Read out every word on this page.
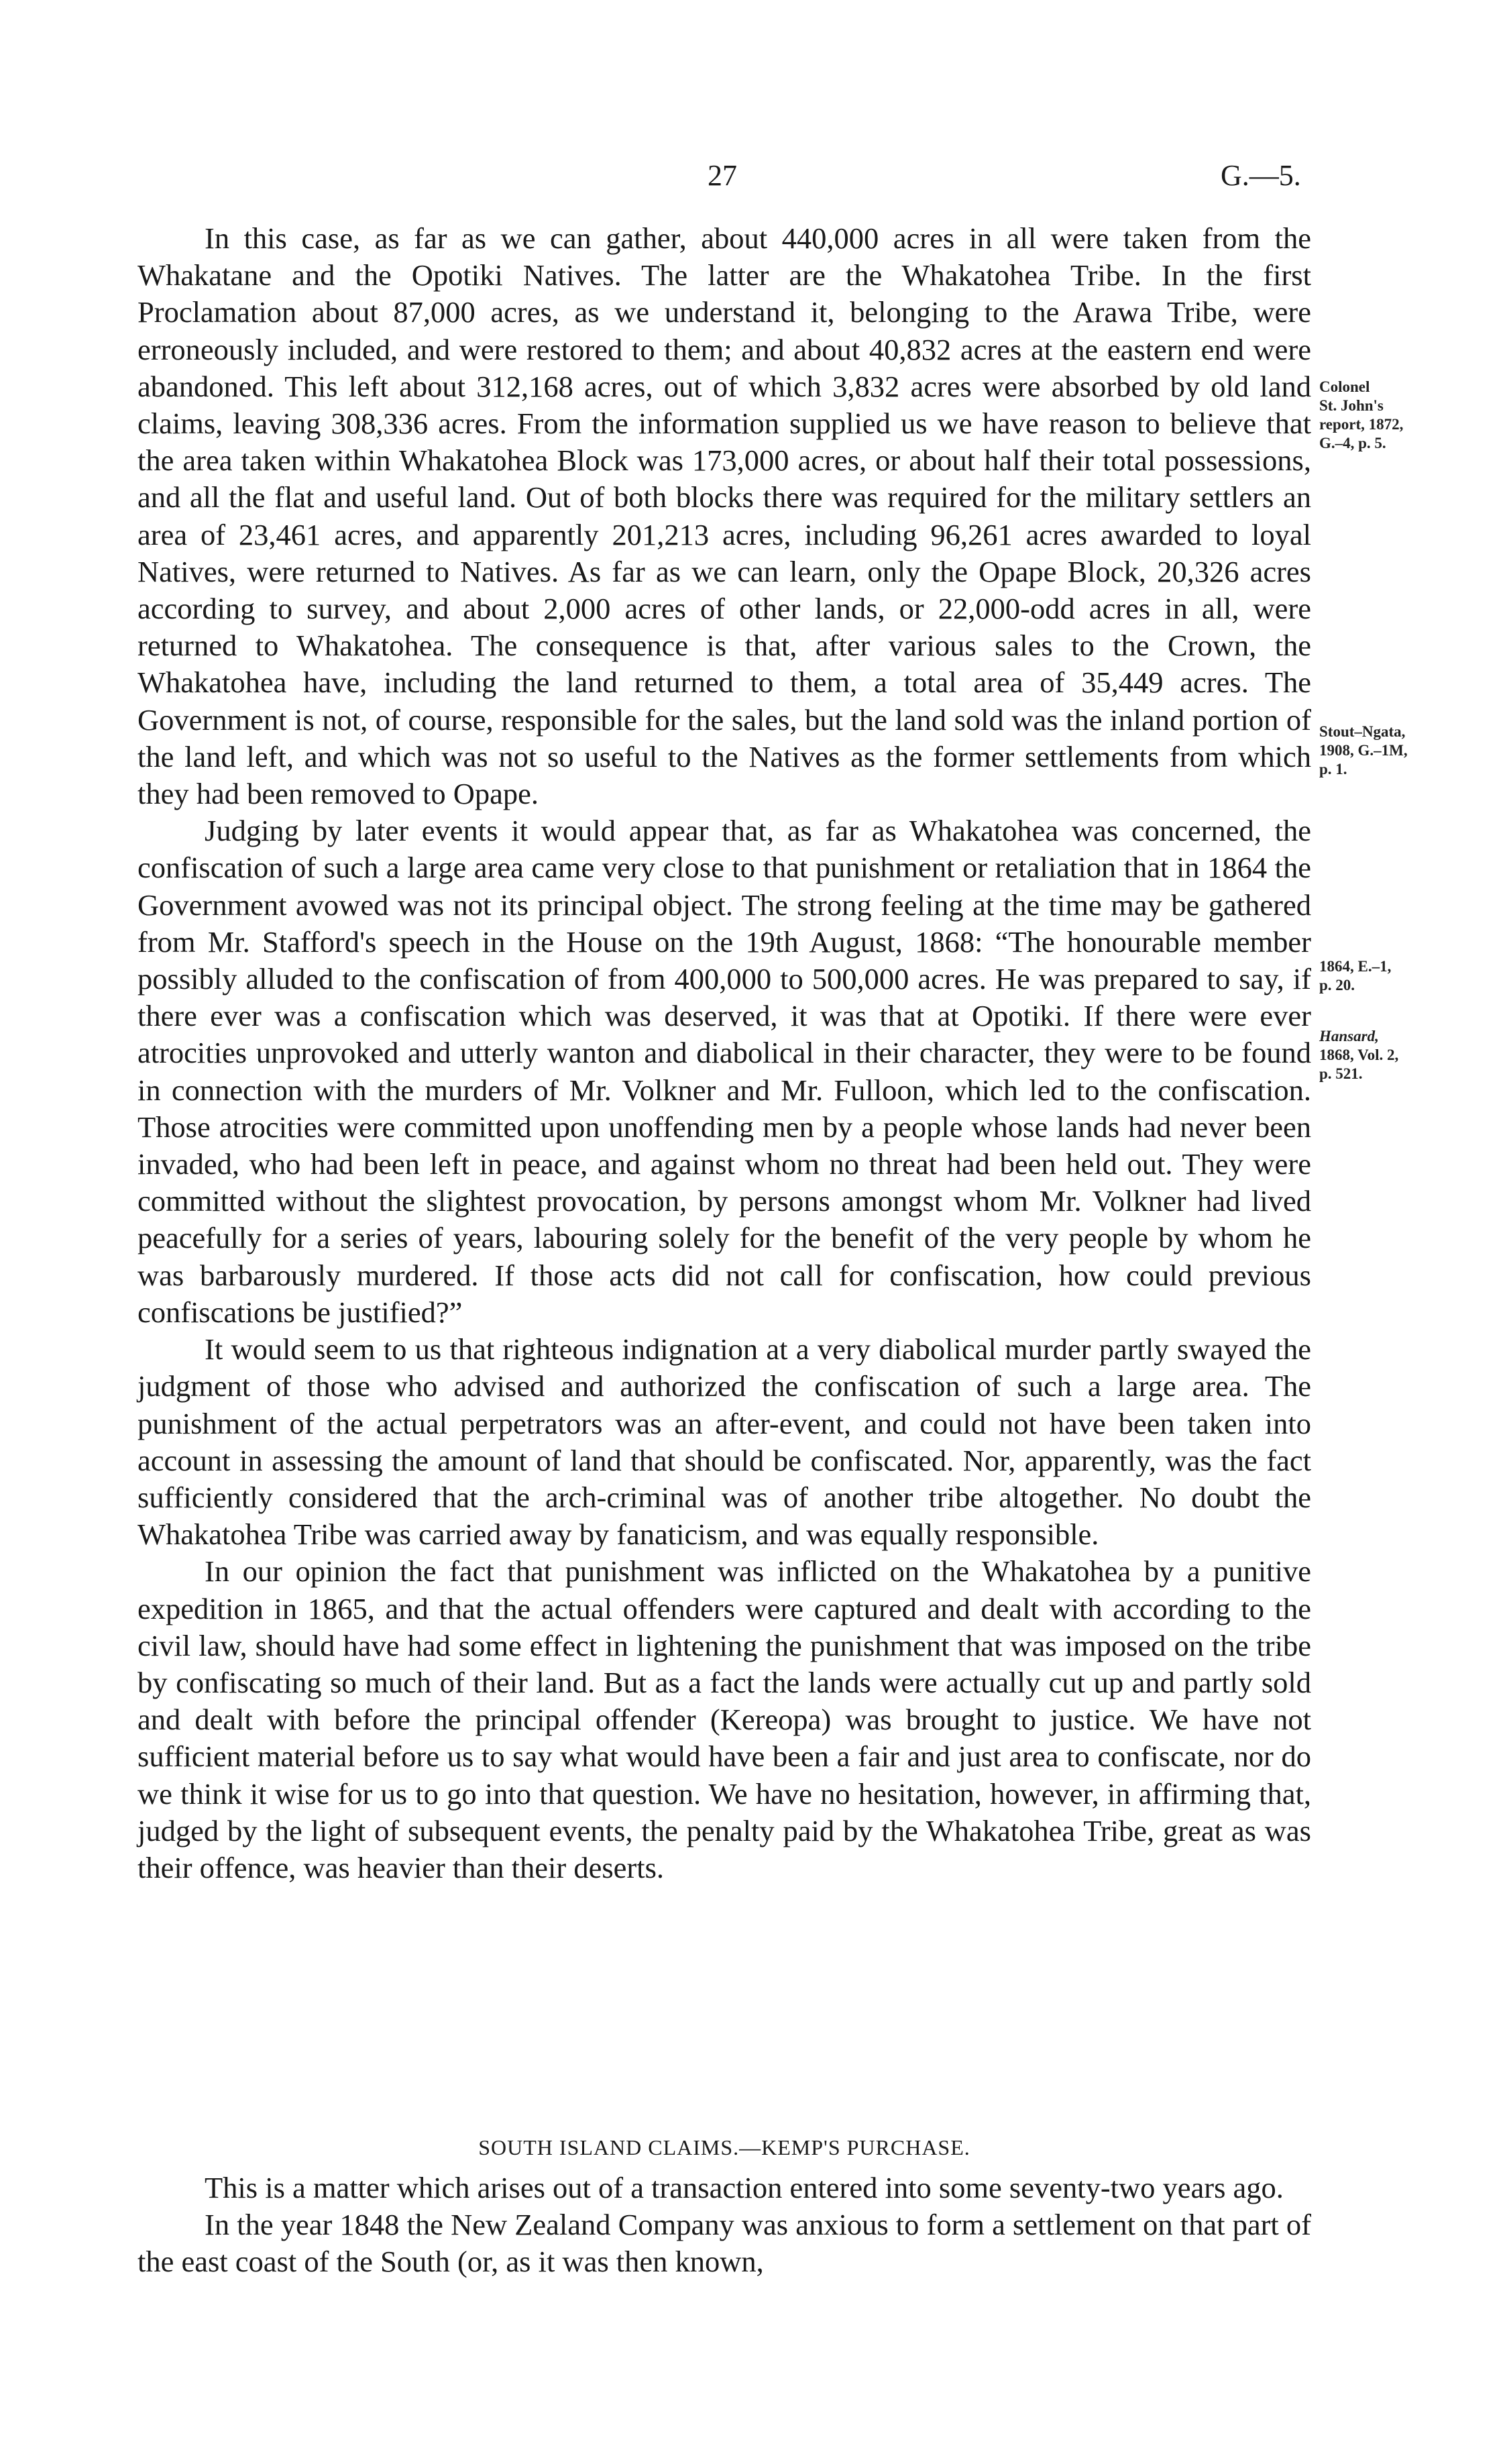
27	G.—5.

In this case, as far as we can gather, about 440,000 acres in all were taken from the Whakatane and the Opotiki Natives. The latter are the Whakatohea Tribe. In the first Proclamation about 87,000 acres, as we understand it, belonging to the Arawa Tribe, were erroneously included, and were restored to them; and about 40,832 acres at the eastern end were abandoned. This left about 312,168 acres, out of which 3,832 acres were absorbed by old land claims, leaving 308,336 acres. From the information supplied us we have reason to believe that the area taken within Whakatohea Block was 173,000 acres, or about half their total possessions, and all the flat and useful land. Out of both blocks there was required for the military settlers an area of 23,461 acres, and apparently 201,213 acres, including 96,261 acres awarded to loyal Natives, were returned to Natives. As far as we can learn, only the Opape Block, 20,326 acres according to survey, and about 2,000 acres of other lands, or 22,000-odd acres in all, were returned to Whakatohea. The consequence is that, after various sales to the Crown, the Whakatohea have, including the land returned to them, a total area of 35,449 acres. The Government is not, of course, responsible for the sales, but the land sold was the inland portion of the land left, and which was not so useful to the Natives as the former settlements from which they had been removed to Opape.

Judging by later events it would appear that, as far as Whakatohea was concerned, the confiscation of such a large area came very close to that punishment or retaliation that in 1864 the Government avowed was not its principal object. The strong feeling at the time may be gathered from Mr. Stafford's speech in the House on the 19th August, 1868: “The honourable member possibly alluded to the confiscation of from 400,000 to 500,000 acres. He was prepared to say, if there ever was a confiscation which was deserved, it was that at Opotiki. If there were ever atrocities unprovoked and utterly wanton and diabolical in their character, they were to be found in connection with the murders of Mr. Volkner and Mr. Fulloon, which led to the confiscation. Those atrocities were committed upon unoffending men by a people whose lands had never been invaded, who had been left in peace, and against whom no threat had been held out. They were committed without the slightest provocation, by persons amongst whom Mr. Volkner had lived peacefully for a series of years, labouring solely for the benefit of the very people by whom he was barbarously murdered. If those acts did not call for confiscation, how could previous confiscations be justified?”

It would seem to us that righteous indignation at a very diabolical murder partly swayed the judgment of those who advised and authorized the confiscation of such a large area. The punishment of the actual perpetrators was an after-event, and could not have been taken into account in assessing the amount of land that should be confiscated. Nor, apparently, was the fact sufficiently considered that the arch-criminal was of another tribe altogether. No doubt the Whakatohea Tribe was carried away by fanaticism, and was equally responsible.

In our opinion the fact that punishment was inflicted on the Whakatohea by a punitive expedition in 1865, and that the actual offenders were captured and dealt with according to the civil law, should have had some effect in lightening the punishment that was imposed on the tribe by confiscating so much of their land. But as a fact the lands were actually cut up and partly sold and dealt with before the principal offender (Kereopa) was brought to justice. We have not sufficient material before us to say what would have been a fair and just area to confiscate, nor do we think it wise for us to go into that question. We have no hesitation, however, in affirming that, judged by the light of subsequent events, the penalty paid by the Whakatohea Tribe, great as was their offence, was heavier than their deserts.

SOUTH ISLAND CLAIMS.—KEMP'S PURCHASE.

This is a matter which arises out of a transaction entered into some seventy-two years ago.

In the year 1848 the New Zealand Company was anxious to form a settlement on that part of the east coast of the South (or, as it was then known,

Colonel
St. John's
report, 1872,
G.–4, p. 5.
Stout–Ngata,
1908, G.–1M,
p. 1.
1864, E.–1,
p. 20.
Hansard,
1868, Vol. 2,
p. 521.
